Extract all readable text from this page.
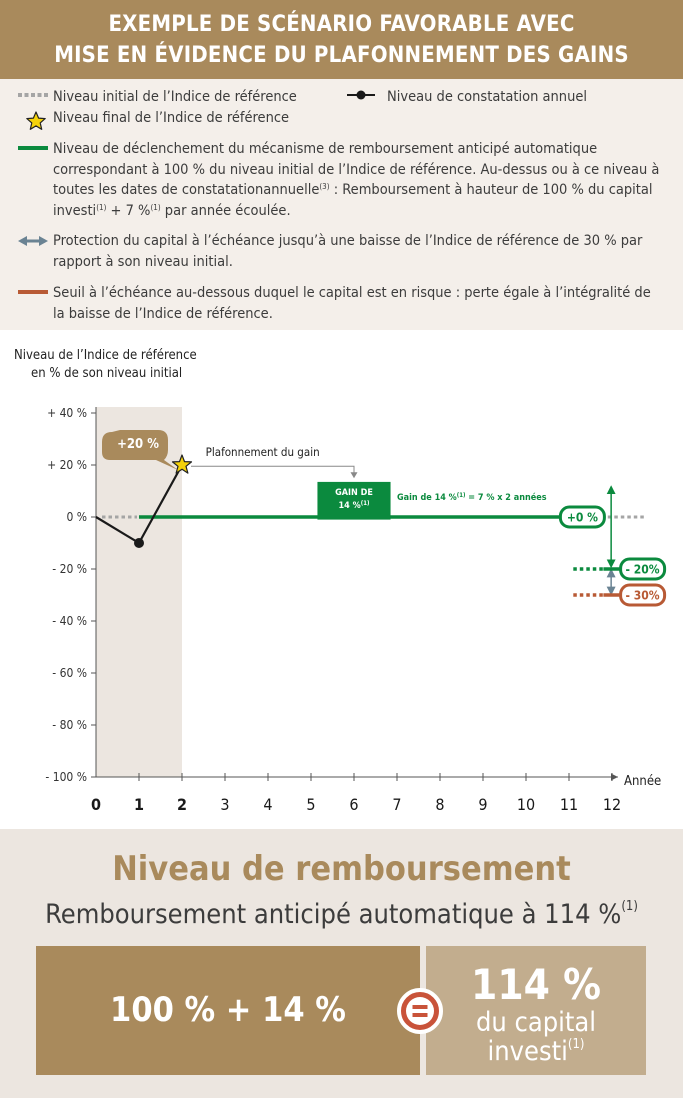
EXEMPLE DE SCÉNARIO FAVORABLE AVEC
MISE EN ÉVIDENCE DU PLAFONNEMENT DES GAINS
Niveau initial de l’Indice de référence	Niveau de constatation annuel
Niveau final de l’Indice de référence
Niveau de déclenchement du mécanisme de remboursement anticipé automatique
correspondant à 100 % du niveau initial de l’Indice de référence. Au-dessus ou à ce niveau à
toutes les dates de constatationannuelle$^{(3)}$ : Remboursement à hauteur de 100 % du capital
investi$^{(1)}$ + 7 %$^{(1)}$ par année écoulée.
Protection du capital à l’échéance jusqu’à une baisse de l’Indice de référence de 30 % par
rapport à son niveau initial.
Seuil à l’échéance au-dessous duquel le capital est en risque : perte égale à l’intégralité de
la baisse de l’Indice de référence.
Niveau de l’Indice de référence
en % de son niveau initial
+ 40 %
+ 20 %
0 %
- 20 %
- 40 %
- 60 %
- 80 %
- 100 %
0 1 2 3 4 5 6 7 8 9 10 11 12
Année
+20 %	Plafonnement du gain
GAIN DE
14 %$^{(1)}$
Gain de 14 %$^{(1)}$ = 7 % x 2 années
+0 %
- 20%
- 30%
Niveau de remboursement
Remboursement anticipé automatique à 114 %$^{(1)}$
100 % + 14 %
114 %
du capital
investi$^{(1)}$
